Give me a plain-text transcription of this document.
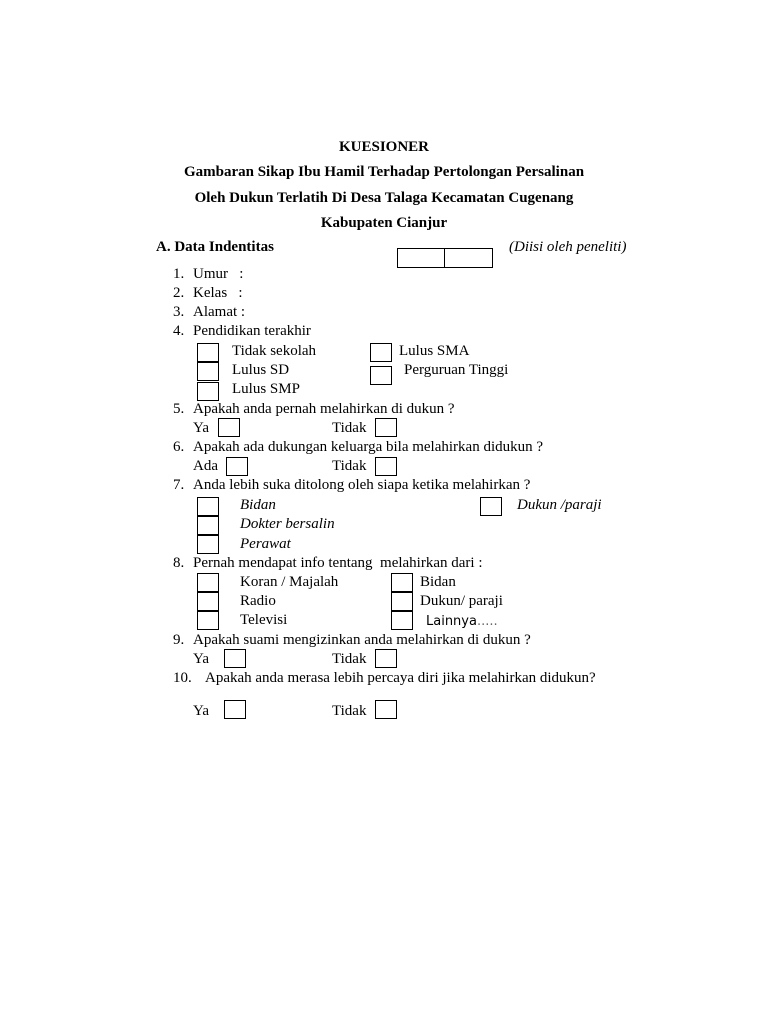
KUESIONER
Gambaran Sikap Ibu Hamil Terhadap Pertolongan Persalinan
Oleh Dukun Terlatih Di Desa Talaga Kecamatan Cugenang
Kabupaten Cianjur
A. Data Indentitas	(Diisi oleh peneliti)
1. Umur   :
2. Kelas   :
3. Alamat :
4. Pendidikan terakhir
Tidak sekolah
Lulus SD
Lulus SMP
Lulus SMA
Perguruan Tinggi
5. Apakah anda pernah melahirkan di dukun ?
Ya	Tidak
6. Apakah ada dukungan keluarga bila melahirkan didukun ?
Ada	Tidak
7. Anda lebih suka ditolong oleh siapa ketika melahirkan ?
Bidan
Dokter bersalin
Perawat
Dukun /paraji
8. Pernah mendapat info tentang  melahirkan dari :
Koran / Majalah
Radio
Televisi
Bidan
Dukun/ paraji
Lainnya.....
9. Apakah suami mengizinkan anda melahirkan di dukun ?
Ya	Tidak
10. Apakah anda merasa lebih percaya diri jika melahirkan didukun?
Ya	Tidak
